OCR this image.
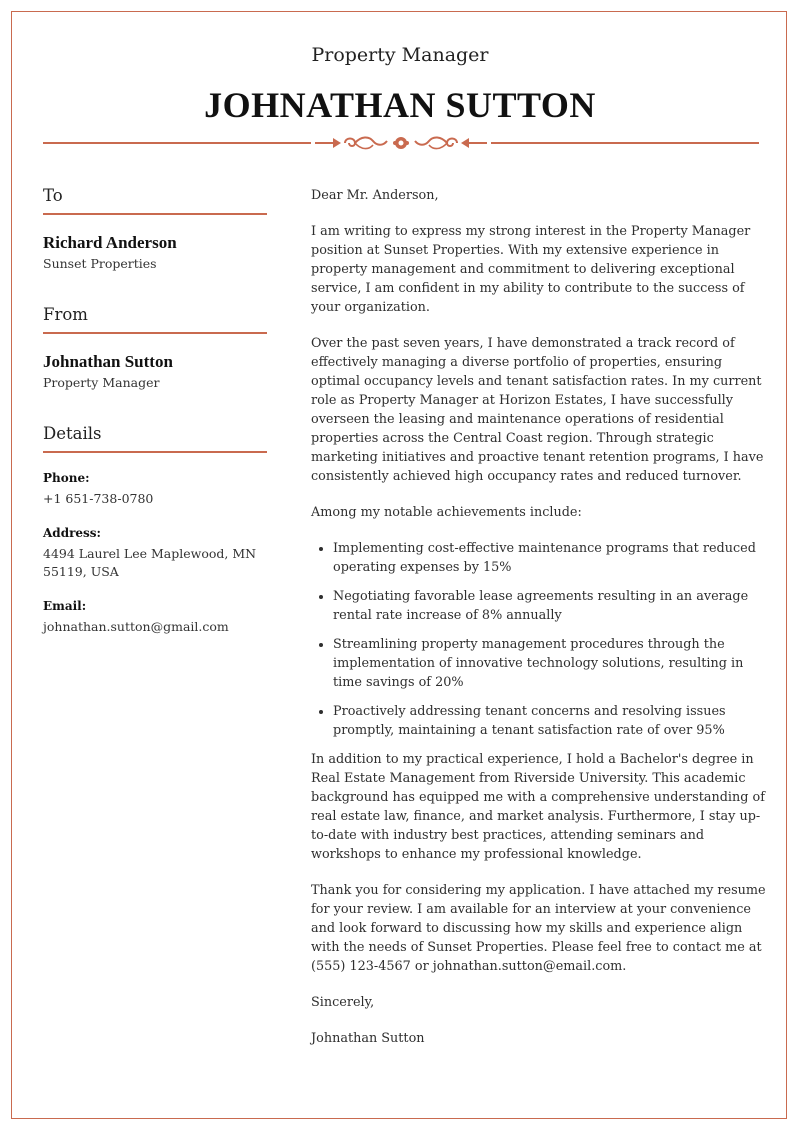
Property Manager
JOHNATHAN SUTTON
To
Richard Anderson
Sunset Properties
From
Johnathan Sutton
Property Manager
Details
Phone:
+1 651-738-0780
Address:
4494 Laurel Lee Maplewood, MN 55119, USA
Email:
johnathan.sutton@gmail.com

Dear Mr. Anderson,

I am writing to express my strong interest in the Property Manager position at Sunset Properties. With my extensive experience in property management and commitment to delivering exceptional service, I am confident in my ability to contribute to the success of your organization.

Over the past seven years, I have demonstrated a track record of effectively managing a diverse portfolio of properties, ensuring optimal occupancy levels and tenant satisfaction rates. In my current role as Property Manager at Horizon Estates, I have successfully overseen the leasing and maintenance operations of residential properties across the Central Coast region. Through strategic marketing initiatives and proactive tenant retention programs, I have consistently achieved high occupancy rates and reduced turnover.

Among my notable achievements include:

• Implementing cost-effective maintenance programs that reduced operating expenses by 15%
• Negotiating favorable lease agreements resulting in an average rental rate increase of 8% annually
• Streamlining property management procedures through the implementation of innovative technology solutions, resulting in time savings of 20%
• Proactively addressing tenant concerns and resolving issues promptly, maintaining a tenant satisfaction rate of over 95%

In addition to my practical experience, I hold a Bachelor's degree in Real Estate Management from Riverside University. This academic background has equipped me with a comprehensive understanding of real estate law, finance, and market analysis. Furthermore, I stay up-to-date with industry best practices, attending seminars and workshops to enhance my professional knowledge.

Thank you for considering my application. I have attached my resume for your review. I am available for an interview at your convenience and look forward to discussing how my skills and experience align with the needs of Sunset Properties. Please feel free to contact me at (555) 123-4567 or johnathan.sutton@email.com.

Sincerely,

Johnathan Sutton
